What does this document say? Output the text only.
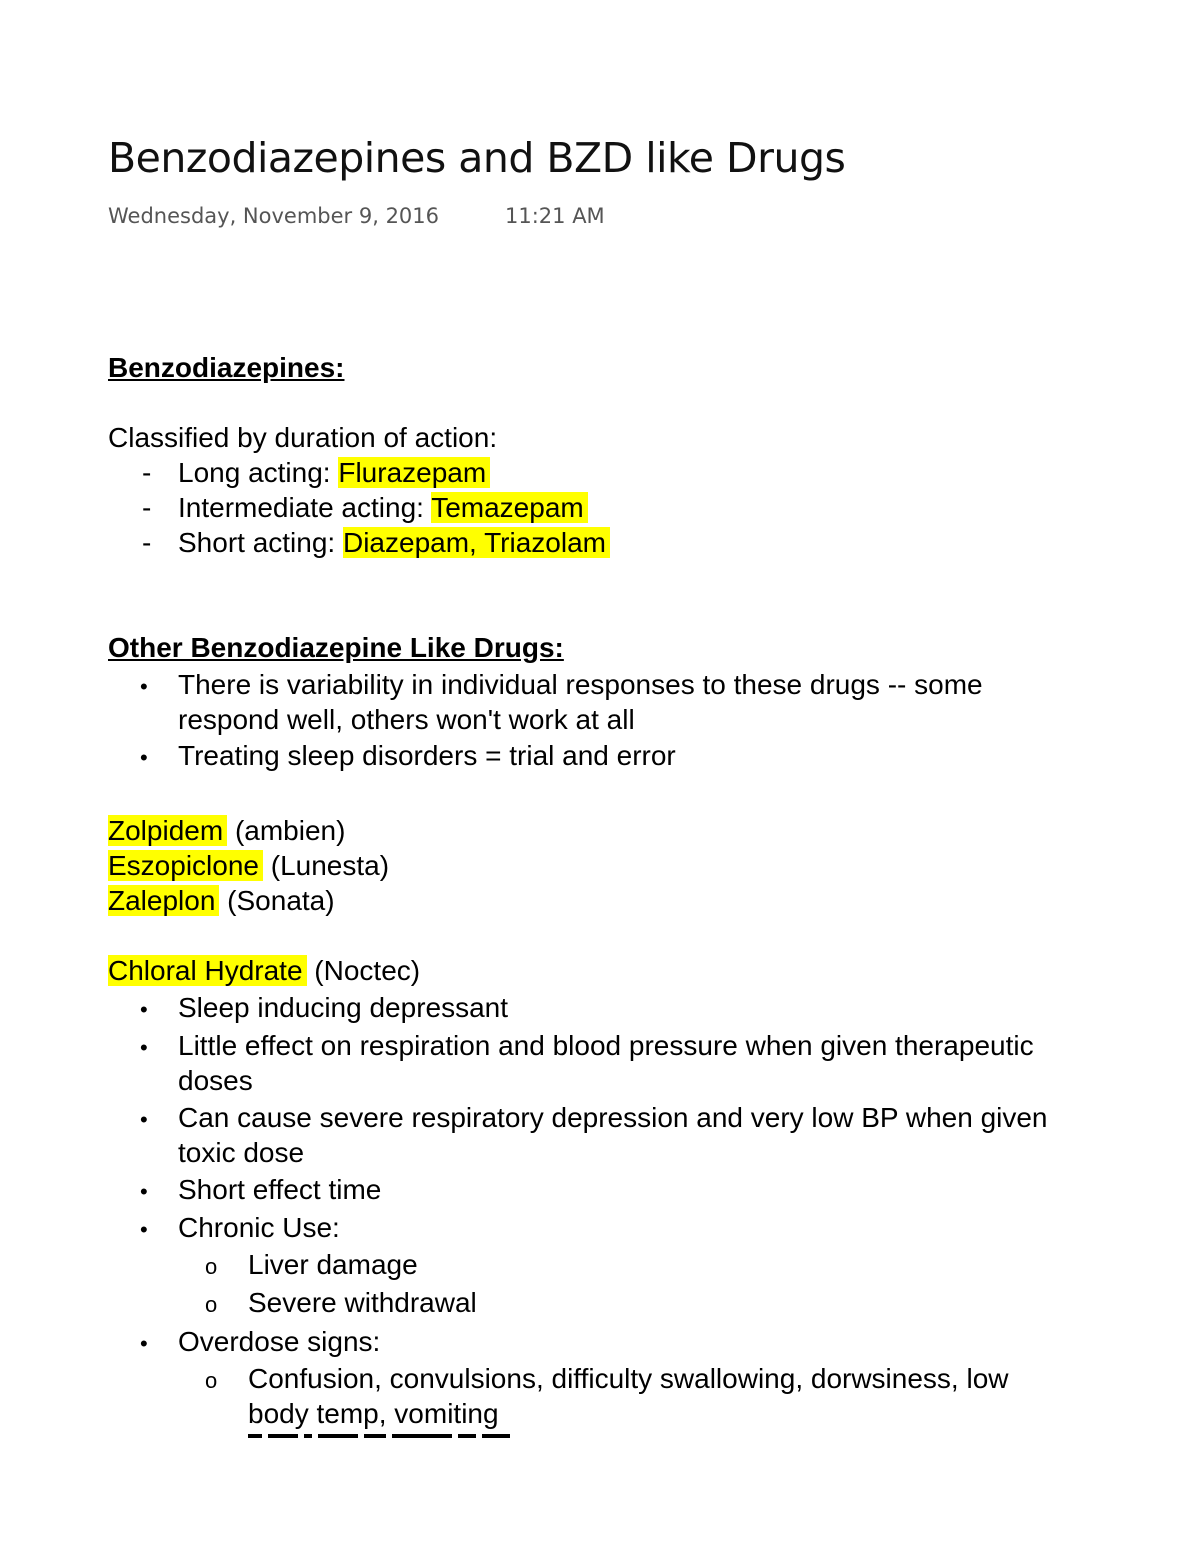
Benzodiazepines and BZD like Drugs
Wednesday, November 9, 2016	11:21 AM
Benzodiazepines:
Classified by duration of action:
- Long acting: Flurazepam
- Intermediate acting: Temazepam
- Short acting: Diazepam, Triazolam
Other Benzodiazepine Like Drugs:
• There is variability in individual responses to these drugs -- some
respond well, others won't work at all
• Treating sleep disorders = trial and error
Zolpidem (ambien)
Eszopiclone (Lunesta)
Zaleplon (Sonata)
Chloral Hydrate (Noctec)
• Sleep inducing depressant
• Little effect on respiration and blood pressure when given therapeutic
doses
• Can cause severe respiratory depression and very low BP when given
toxic dose
• Short effect time
• Chronic Use:
o Liver damage
o Severe withdrawal
• Overdose signs:
o Confusion, convulsions, difficulty swallowing, dorwsiness, low
body temp, vomiting
